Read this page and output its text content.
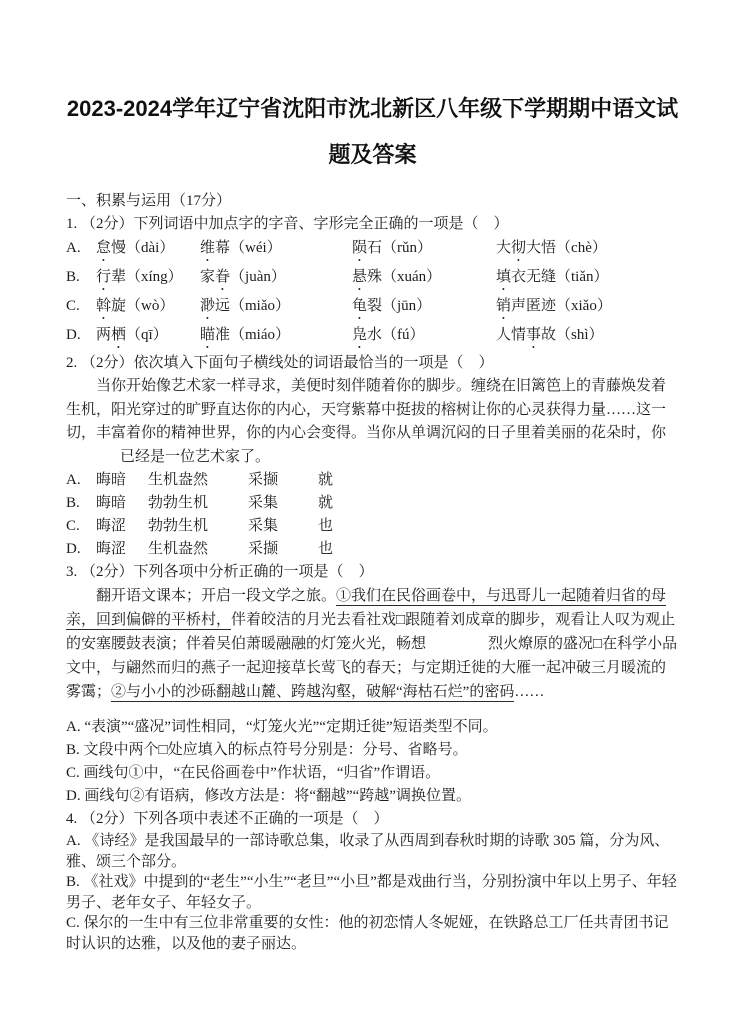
2023-2024学年辽宁省沈阳市沈北新区八年级下学期期中语文试
题及答案

一、积累与运用（17分）

1. （2分）下列词语中加点字的字音、字形完全正确的一项是（　）

A.	怠慢（dài）	维幕（wéi）	陨石（rǔn）	大彻大悟（chè）
B.	行辈（xíng）	家眷（juàn）	悬殊（xuán）	填衣无缝（tiǎn）
C.	斡旋（wò）	渺远（miǎo）	龟裂（jūn）	销声匿迹（xiǎo）
D.	两栖（qī）	瞄准（miáo）	凫水（fú）	人情事故（shì）

2. （2分）依次填入下面句子横线处的词语最恰当的一项是（　）

当你开始像艺术家一样寻求，美便时刻伴随着你的脚步。缠绕在旧篱笆上的青藤焕发着生机，阳光穿过的旷野直达你的内心，天穹紫幕中挺拔的榕树让你的心灵获得力量……这一切，丰富着你的精神世界，你的内心会变得。当你从单调沉闷的日子里着美丽的花朵时，你已经是一位艺术家了。

A.	晦暗	生机盎然	采撷	就
B.	晦暗	勃勃生机	采集	就
C.	晦涩	勃勃生机	采集	也
D.	晦涩	生机盎然	采撷	也

3. （2分）下列各项中分析正确的一项是（　）

翻开语文课本；开启一段文学之旅。①我们在民俗画卷中，与迅哥儿一起随着归省的母亲，回到偏僻的平桥村，伴着皎洁的月光去看社戏□跟随着刘成章的脚步，观看让人叹为观止的安塞腰鼓表演；伴着吴伯萧暖融融的灯笼火光，畅想	烈火燎原的盛况□在科学小品文中，与翩然而归的燕子一起迎接草长莺飞的春天；与定期迁徙的大雁一起冲破三月暖流的雾霭；②与小小的沙砾翻越山麓、跨越沟壑，破解“海枯石烂”的密码……

A. “表演”“盛况”词性相同，“灯笼火光”“定期迁徙”短语类型不同。

B. 文段中两个□处应填入的标点符号分别是：分号、省略号。

C. 画线句①中，“在民俗画卷中”作状语，“归省”作谓语。

D. 画线句②有语病，修改方法是：将“翻越”“跨越”调换位置。

4. （2分）下列各项中表述不正确的一项是（　）

A. 《诗经》是我国最早的一部诗歌总集，收录了从西周到春秋时期的诗歌 305 篇，分为风、雅、颂三个部分。

B. 《社戏》中提到的“老生”“小生”“老旦”“小旦”都是戏曲行当，分别扮演中年以上男子、年轻男子、老年女子、年轻女子。

C. 保尔的一生中有三位非常重要的女性：他的初恋情人冬妮娅，在铁路总工厂任共青团书记时认识的达雅，以及他的妻子丽达。
